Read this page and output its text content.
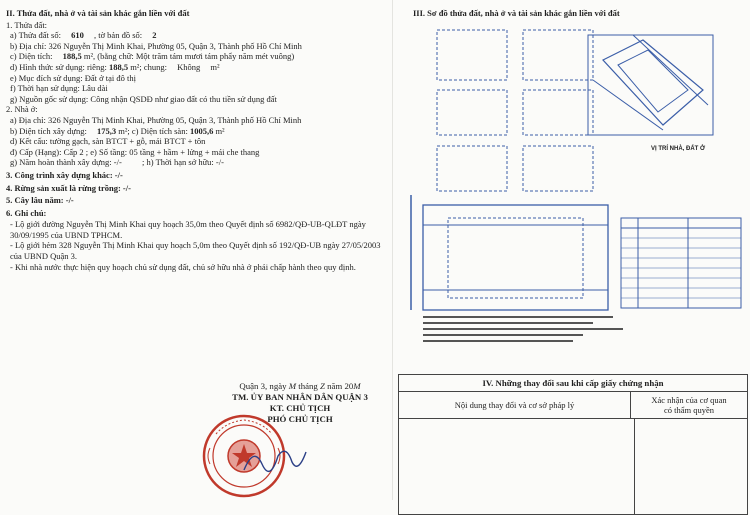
II. Thửa đất, nhà ở và tài sản khác gắn liền với đất
1. Thửa đất:
a) Thửa đất số: 610 , tờ bản đồ số: 2
b) Địa chỉ: 326 Nguyễn Thị Minh Khai, Phường 05, Quận 3, Thành phố Hồ Chí Minh
c) Diện tích: 188,5 m², (bằng chữ: Một trăm tám mươi tám phẩy năm mét vuông)
d) Hình thức sử dụng: riêng: 188,5 m²; chung: Không m²
e) Mục đích sử dụng: Đất ở tại đô thị
f) Thời hạn sử dụng: Lâu dài
g) Nguồn gốc sử dụng: Công nhận QSDĐ như giao đất có thu tiền sử dụng đất
2. Nhà ở:
a) Địa chỉ: 326 Nguyễn Thị Minh Khai, Phường 05, Quận 3, Thành phố Hồ Chí Minh
b) Diện tích xây dựng: 175,3 m²; c) Diện tích sàn: 1005,6 m²
d) Kết cấu: tường gạch, sàn BTCT + gỗ, mái BTCT + tôn
đ) Cấp (Hạng): Cấp 2 ; e) Số tầng: 05 tầng + hầm + lửng + mái che thang
g) Năm hoàn thành xây dựng: -/- ; h) Thời hạn sở hữu: -/-
3. Công trình xây dựng khác: -/-
4. Rừng sản xuất là rừng trồng: -/-
5. Cây lâu năm: -/-
6. Ghi chú:
- Lộ giới đường Nguyễn Thị Minh Khai quy hoạch 35,0m theo Quyết định số 6982/QĐ-UB-QLĐT ngày 30/09/1995 của UBND TPHCM.
- Lộ giới hẻm 328 Nguyễn Thị Minh Khai quy hoạch 5,0m theo Quyết định số 192/QĐ-UB ngày 27/05/2003 của UBND Quận 3.
- Khi nhà nước thực hiện quy hoạch chủ sử dụng đất, chủ sở hữu nhà ở phải chấp hành theo quy định.
Quận 3, ngày M tháng Z năm 20M
TM. ỦY BAN NHÂN DÂN QUẬN 3
KT. CHỦ TỊCH
PHÓ CHỦ TỊCH
III. Sơ đồ thửa đất, nhà ở và tài sản khác gắn liền với đất
VỊ TRÍ NHÀ, ĐẤT Ở
IV. Những thay đổi sau khi cấp giấy chứng nhận
Nội dung thay đổi và cơ sở pháp lý	Xác nhận của cơ quan
có thẩm quyền
